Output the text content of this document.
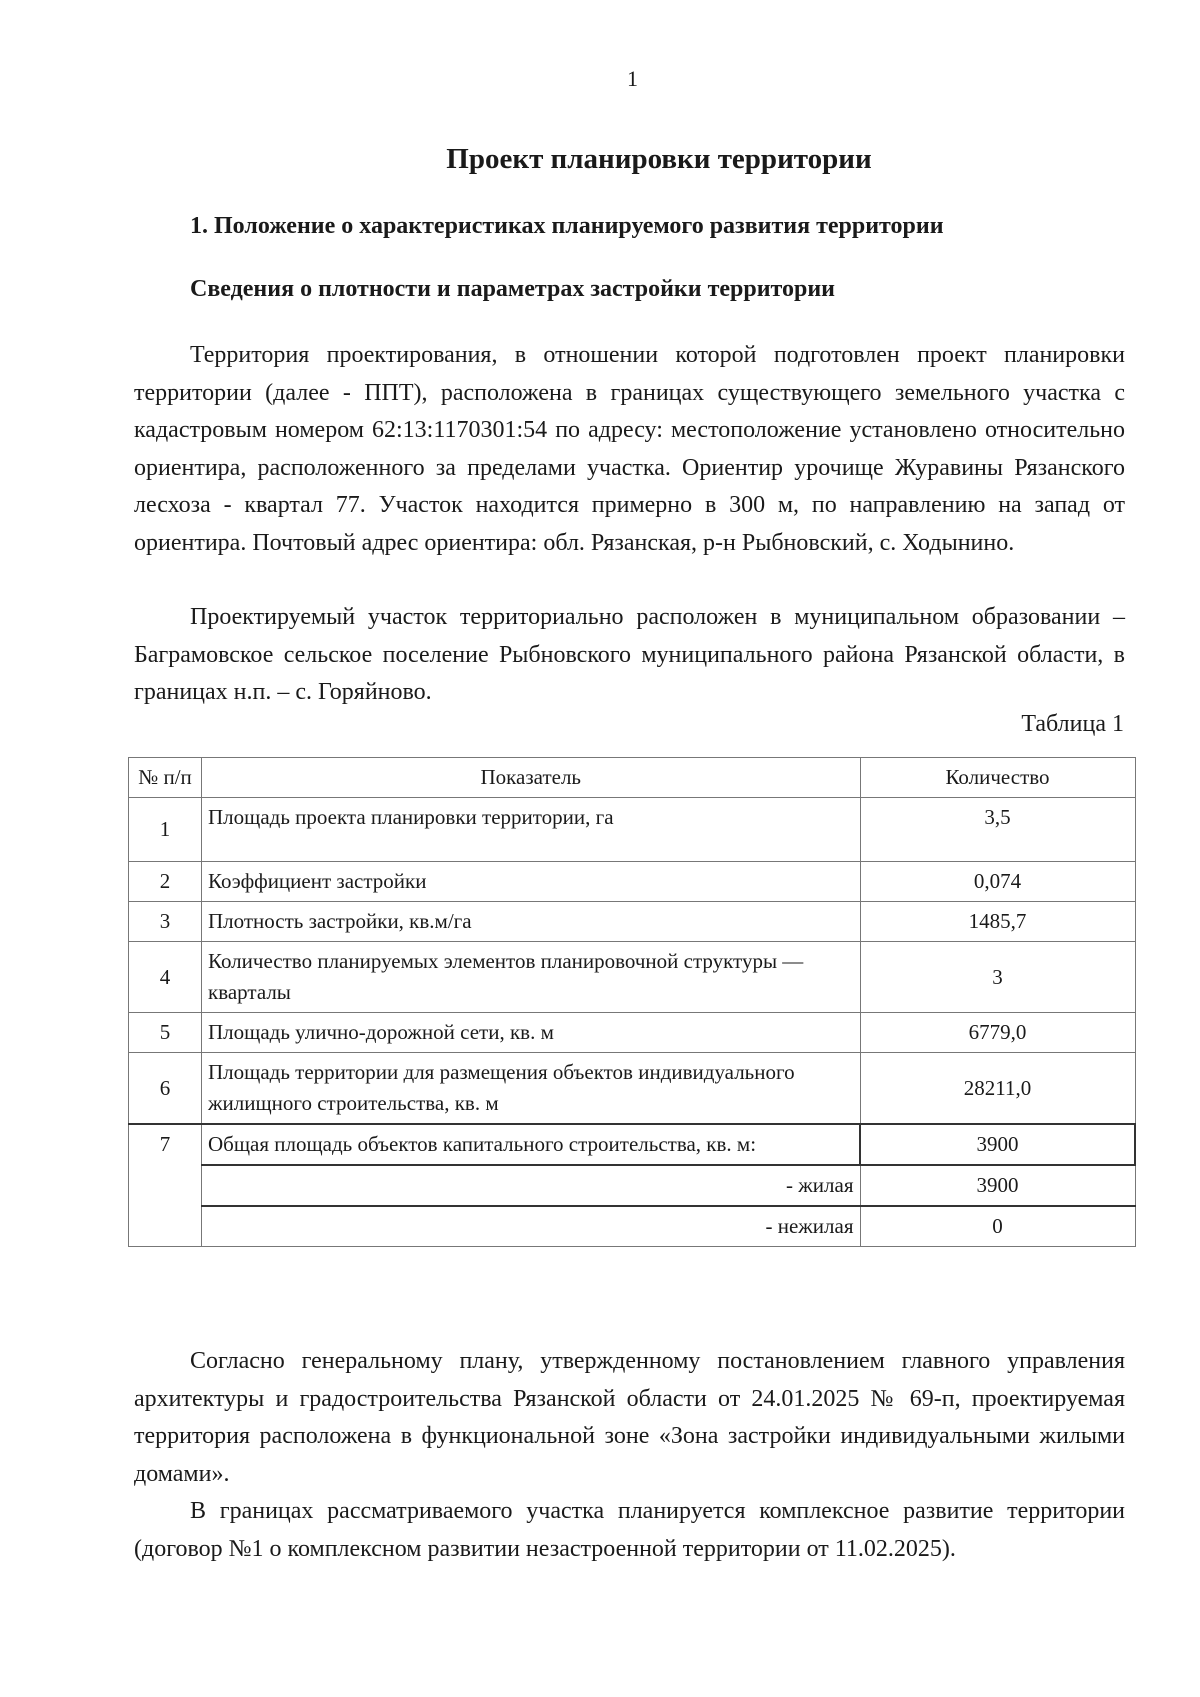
1
Проект планировки территории
1. Положение о характеристиках планируемого развития территории
Сведения о плотности и параметрах застройки территории

Территория проектирования, в отношении которой подготовлен проект планировки территории (далее - ППТ), расположена в границах существующего земельного участка с кадастровым номером 62:13:1170301:54 по адресу: местоположение установлено относительно ориентира, расположенного за пределами участка. Ориентир урочище Журавины Рязанского лесхоза - квартал 77. Участок находится примерно в 300 м, по направлению на запад от ориентира. Почтовый адрес ориентира: обл. Рязанская, р-н Рыбновский, с. Ходынино.

Проектируемый участок территориально расположен в муниципальном образовании – Баграмовское сельское поселение Рыбновского муниципального района Рязанской области, в границах н.п. – с. Горяйново.

Таблица 1
№ п/п	Показатель	Количество
1	Площадь проекта планировки территории, га	3,5
2	Коэффициент застройки	0,074
3	Плотность застройки, кв.м/га	1485,7
4	Количество планируемых элементов планировочной структуры — кварталы	3
5	Площадь улично-дорожной сети, кв. м	6779,0
6	Площадь территории для размещения объектов индивидуального жилищного строительства, кв. м	28211,0
7	Общая площадь объектов капитального строительства, кв. м:	3900
	- жилая	3900
	- нежилая	0

Согласно генеральному плану, утвержденному постановлением главного управления архитектуры и градостроительства Рязанской области от 24.01.2025 № 69-п, проектируемая территория расположена в функциональной зоне «Зона застройки индивидуальными жилыми домами».

В границах рассматриваемого участка планируется комплексное развитие территории (договор №1 о комплексном развитии незастроенной территории от 11.02.2025).
